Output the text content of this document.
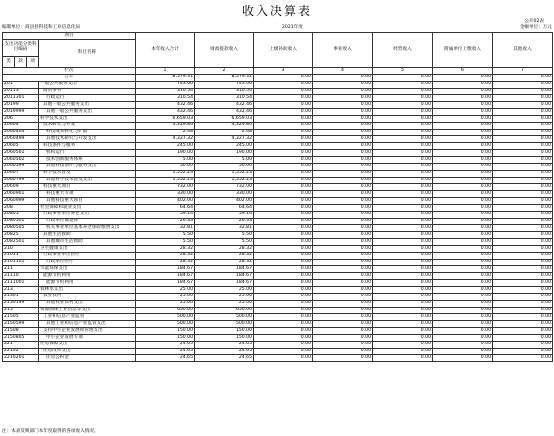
收入决算表
公开02表
编制单位：商县县科技和工业信息化局	2021年度	金额单位：万元
项目				本年收入合计	财政拨款收入	上级补助收入	事业收入	经营收入	附属单位上缴收入	其他收入
支出功能分类科目编码			科目名称							
类	款	项								
栏次				1	2	3	4	5	6	7
合计				8,579.31	8,579.31	0.00	0.00	0.00	0.00	0.00
201			一般公共服务支出	743.00	743.00	0.00	0.00	0.00	0.00	0.00
20113			商贸事务	310.54	310.54	0.00	0.00	0.00	0.00	0.00
2011301			行政运行	310.54	310.54	0.00	0.00	0.00	0.00	0.00
20199			其他一般公共服务支出	432.46	432.46	0.00	0.00	0.00	0.00	0.00
2019999			其他一般公共服务支出	432.46	432.46	0.00	0.00	0.00	0.00	0.00
206			科学技术支出	6,659.03	6,659.03	0.00	0.00	0.00	0.00	0.00
20604			技术研究与开发	4,329.80	4,329.80	0.00	0.00	0.00	0.00	0.00
2060404			科技成果转化与扩散	2.48	2.48	0.00	0.00	0.00	0.00	0.00
2060499			其他技术研究与开发支出	4,327.32	4,327.32	0.00	0.00	0.00	0.00	0.00
20605			科技条件与服务	245.00	245.00	0.00	0.00	0.00	0.00	0.00
2060501			机构运行	190.00	190.00	0.00	0.00	0.00	0.00	0.00
2060502			技术创新服务体系	5.00	5.00	0.00	0.00	0.00	0.00	0.00
2060599			其他科技条件与服务支出	50.00	50.00	0.00	0.00	0.00	0.00	0.00
20607			科学技术普及	1,552.23	1,552.23	0.00	0.00	0.00	0.00	0.00
2060799			其他科学技术普及支出	1,552.23	1,552.23	0.00	0.00	0.00	0.00	0.00
20609			科技重大项目	732.00	732.00	0.00	0.00	0.00	0.00	0.00
2060901			科技重大专项	330.00	330.00	0.00	0.00	0.00	0.00	0.00
2060999			其他科技重大项目	402.00	402.00	0.00	0.00	0.00	0.00	0.00
208			社会保障和就业支出	64.64	64.64	0.00	0.00	0.00	0.00	0.00
20805			行政事业单位养老支出	59.14	59.14	0.00	0.00	0.00	0.00	0.00
2080501			行政单位离退休	26.33	26.33	0.00	0.00	0.00	0.00	0.00
2080505			机关事业单位基本养老保险缴费支出	32.81	32.81	0.00	0.00	0.00	0.00	0.00
20825			其他生活救助	5.50	5.50	0.00	0.00	0.00	0.00	0.00
2082501			其他城市生活救助	5.50	5.50	0.00	0.00	0.00	0.00	0.00
210			卫生健康支出	28.32	28.32	0.00	0.00	0.00	0.00	0.00
21011			行政事业单位医疗	28.32	28.32	0.00	0.00	0.00	0.00	0.00
2101101			行政单位医疗	28.32	28.32	0.00	0.00	0.00	0.00	0.00
211			节能环保支出	184.67	184.67	0.00	0.00	0.00	0.00	0.00
21110			能源节约利用	184.67	184.67	0.00	0.00	0.00	0.00	0.00
2111001			能源节约利用	184.67	184.67	0.00	0.00	0.00	0.00	0.00
213			农林水支出	25.00	25.00	0.00	0.00	0.00	0.00	0.00
21301			农业农村	25.00	25.00	0.00	0.00	0.00	0.00	0.00
2130199			其他农业农村支出	25.00	25.00	0.00	0.00	0.00	0.00	0.00
215			资源勘探工业信息等支出	650.00	650.00	0.00	0.00	0.00	0.00	0.00
21505			工业和信息产业监管	500.00	500.00	0.00	0.00	0.00	0.00	0.00
2150599			其他工业和信息产业监管支出	500.00	500.00	0.00	0.00	0.00	0.00	0.00
21508			支持中小企业发展和管理支出	150.00	150.00	0.00	0.00	0.00	0.00	0.00
2150805			中小企业发展专项	150.00	150.00	0.00	0.00	0.00	0.00	0.00
221			住房保障支出	24.65	24.65	0.00	0.00	0.00	0.00	0.00
22102			住房改革支出	24.65	24.65	0.00	0.00	0.00	0.00	0.00
2210201			住房公积金	24.65	24.65	0.00	0.00	0.00	0.00	0.00
注：本表反映部门本年度取得的各项收入情况。
